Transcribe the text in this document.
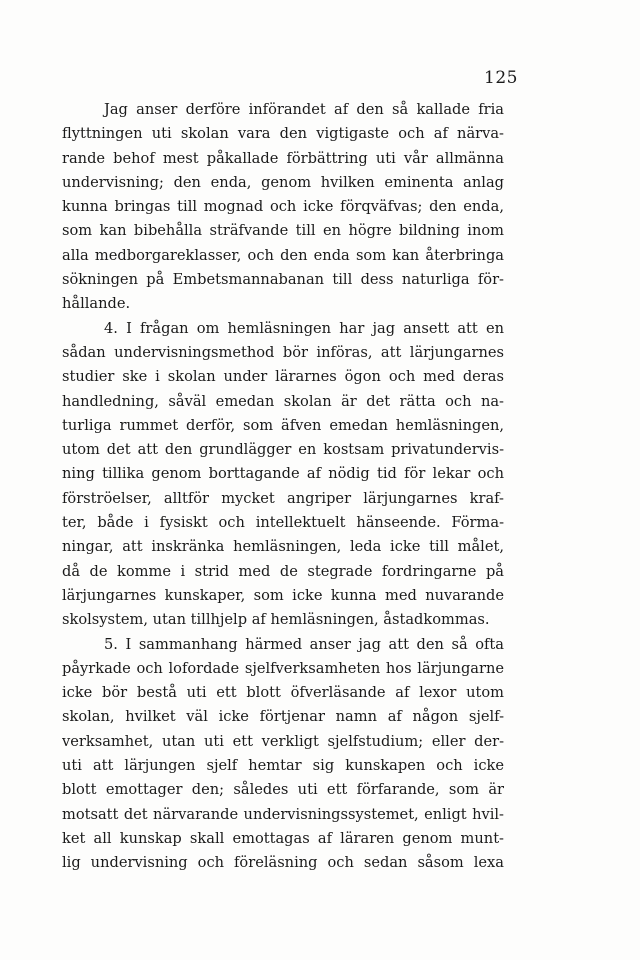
125
Jag anser derföre införandet af den så kallade fria
flyttningen uti skolan vara den vigtigaste och af närva-
rande behof mest påkallade förbättring uti vår allmänna
undervisning; den enda, genom hvilken eminenta anlag
kunna bringas till mognad och icke förqväfvas; den enda,
som kan bibehålla sträfvande till en högre bildning inom
alla medborgareklasser, och den enda som kan återbringa
sökningen på Embetsmannabanan till dess naturliga för-
hållande.
4. I frågan om hemläsningen har jag ansett att en
sådan undervisningsmethod bör införas, att lärjungarnes
studier ske i skolan under lärarnes ögon och med deras
handledning, såväl emedan skolan är det rätta och na-
turliga rummet derför, som äfven emedan hemläsningen,
utom det att den grundlägger en kostsam privatundervis-
ning tillika genom borttagande af nödig tid för lekar och
förströelser, alltför mycket angriper lärjungarnes kraf-
ter, både i fysiskt och intellektuelt hänseende. Förma-
ningar, att inskränka hemläsningen, leda icke till målet,
då de komme i strid med de stegrade fordringarne på
lärjungarnes kunskaper, som icke kunna med nuvarande
skolsystem, utan tillhjelp af hemläsningen, åstadkommas.
5. I sammanhang härmed anser jag att den så ofta
påyrkade och lofordade sjelfverksamheten hos lärjungarne
icke bör bestå uti ett blott öfverläsande af lexor utom
skolan, hvilket väl icke förtjenar namn af någon sjelf-
verksamhet, utan uti ett verkligt sjelfstudium; eller der-
uti att lärjungen sjelf hemtar sig kunskapen och icke
blott emottager den; således uti ett förfarande, som är
motsatt det närvarande undervisningssystemet, enligt hvil-
ket all kunskap skall emottagas af läraren genom munt-
lig undervisning och föreläsning och sedan såsom lexa
